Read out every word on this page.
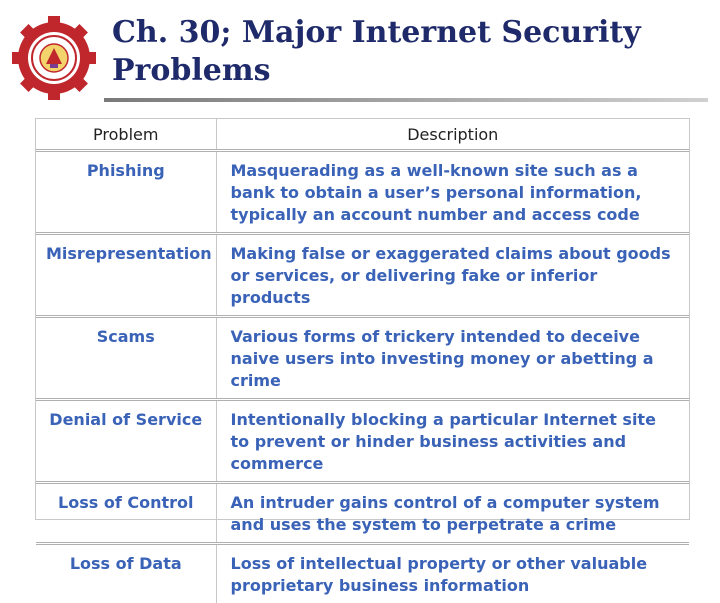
Ch. 30; Major Internet Security
Problems
Problem	Description
Phishing	Masquerading as a well-known site such as a bank to obtain a user’s personal information, typically an account number and access code
Misrepresentation	Making false or exaggerated claims about goods or services, or delivering fake or inferior products
Scams	Various forms of trickery intended to deceive naive users into investing money or abetting a crime
Denial of Service	Intentionally blocking a particular Internet site to prevent or hinder business activities and commerce
Loss of Control	An intruder gains control of a computer system and uses the system to perpetrate a crime
Loss of Data	Loss of intellectual property or other valuable proprietary business information
